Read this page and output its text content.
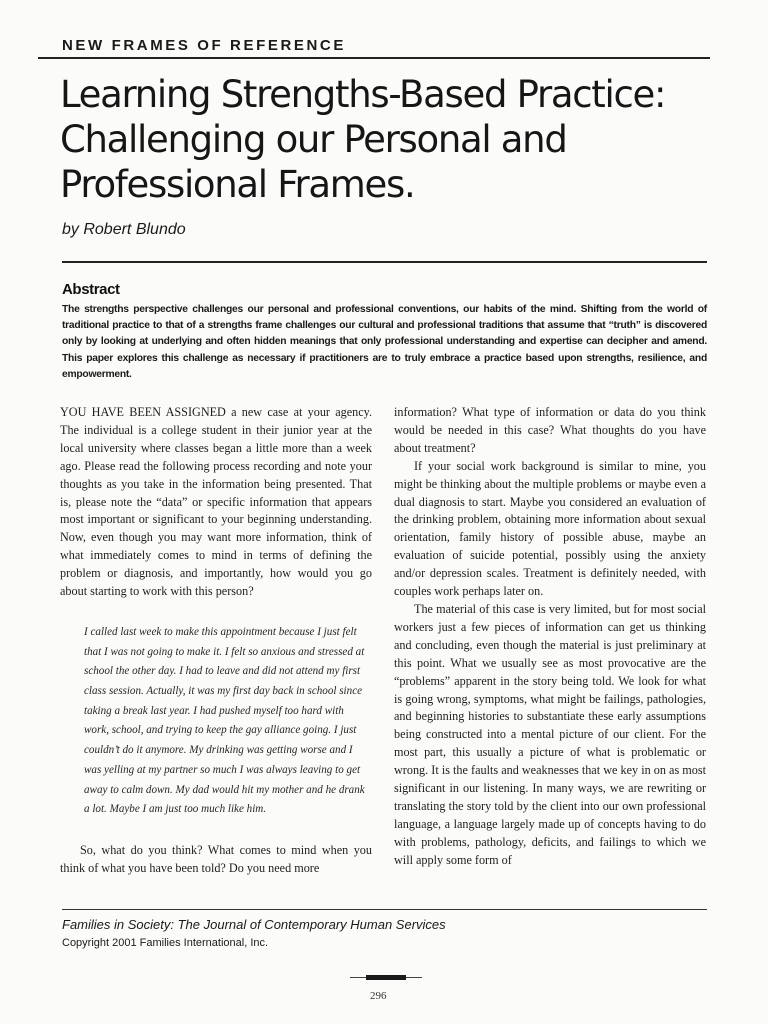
NEW FRAMES OF REFERENCE
Learning Strengths-Based Practice: Challenging our Personal and Professional Frames.
by Robert Blundo
Abstract

The strengths perspective challenges our personal and professional conventions, our habits of the mind. Shifting from the world of traditional practice to that of a strengths frame challenges our cultural and professional traditions that assume that “truth” is discovered only by looking at underlying and often hidden meanings that only professional understanding and expertise can decipher and amend. This paper explores this challenge as necessary if practitioners are to truly embrace a practice based upon strengths, resilience, and empowerment.

YOU HAVE BEEN ASSIGNED a new case at your agency. The individual is a college student in their junior year at the local university where classes began a little more than a week ago. Please read the following process recording and note your thoughts as you take in the information being presented. That is, please note the “data” or specific information that appears most important or significant to your beginning understanding. Now, even though you may want more information, think of what immediately comes to mind in terms of defining the problem or diagnosis, and importantly, how would you go about starting to work with this person?

I called last week to make this appointment because I just felt that I was not going to make it. I felt so anxious and stressed at school the other day. I had to leave and did not attend my first class session. Actually, it was my first day back in school since taking a break last year. I had pushed myself too hard with work, school, and trying to keep the gay alliance going. I just couldn’t do it anymore. My drinking was getting worse and I was yelling at my partner so much I was always leaving to get away to calm down. My dad would hit my mother and he drank a lot. Maybe I am just too much like him.

So, what do you think? What comes to mind when you think of what you have been told? Do you need more

information? What type of information or data do you think would be needed in this case? What thoughts do you have about treatment?

If your social work background is similar to mine, you might be thinking about the multiple problems or maybe even a dual diagnosis to start. Maybe you considered an evaluation of the drinking problem, obtaining more information about sexual orientation, family history of possible abuse, maybe an evaluation of suicide potential, possibly using the anxiety and/or depression scales. Treatment is definitely needed, with couples work perhaps later on.

The material of this case is very limited, but for most social workers just a few pieces of information can get us thinking and concluding, even though the material is just preliminary at this point. What we usually see as most provocative are the “problems” apparent in the story being told. We look for what is going wrong, symptoms, what might be failings, pathologies, and beginning histories to substantiate these early assumptions being constructed into a mental picture of our client. For the most part, this usually a picture of what is problematic or wrong. It is the faults and weaknesses that we key in on as most significant in our listening. In many ways, we are rewriting or translating the story told by the client into our own professional language, a language largely made up of concepts having to do with problems, pathology, deficits, and failings to which we will apply some form of

Families in Society: The Journal of Contemporary Human Services
Copyright 2001 Families International, Inc.
296
